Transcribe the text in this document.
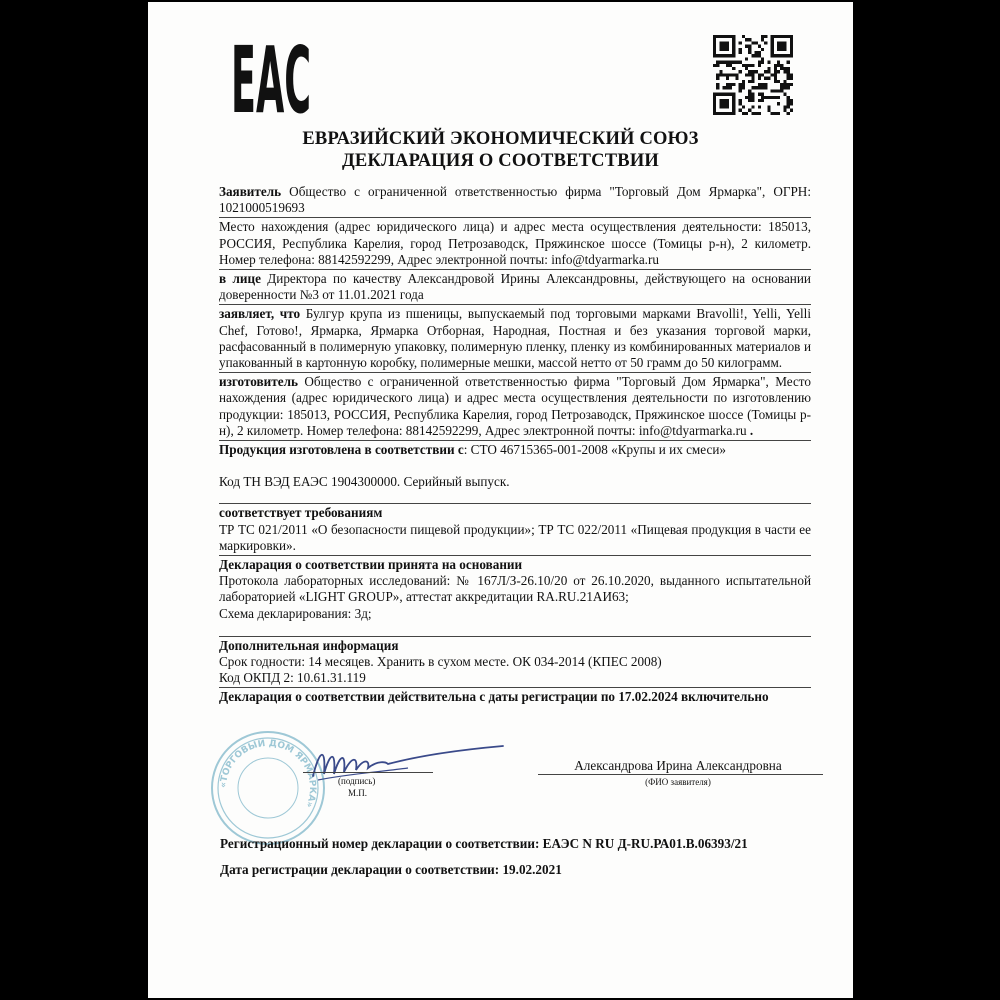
ЕАС
ЕВРАЗИЙСКИЙ ЭКОНОМИЧЕСКИЙ СОЮЗ
ДЕКЛАРАЦИЯ О СООТВЕТСТВИИ
Заявитель Общество с ограниченной ответственностью фирма "Торговый Дом Ярмарка", ОГРН: 1021000519693
Место нахождения (адрес юридического лица) и адрес места осуществления деятельности: 185013, РОССИЯ, Республика Карелия, город Петрозаводск, Пряжинское шоссе (Томицы р-н), 2 километр. Номер телефона: 88142592299, Адрес электронной почты: info@tdyarmarka.ru
в лице Директора по качеству Александровой Ирины Александровны, действующего на основании доверенности №3 от 11.01.2021 года
заявляет, что Булгур крупа из пшеницы, выпускаемый под торговыми марками Bravolli!, Yelli, Yelli Chef, Готово!, Ярмарка, Ярмарка Отборная, Народная, Постная и без указания торговой марки, расфасованный в полимерную упаковку, полимерную пленку, пленку из комбинированных материалов и упакованный в картонную коробку, полимерные мешки, массой нетто от 50 грамм до 50 килограмм.
изготовитель Общество с ограниченной ответственностью фирма "Торговый Дом Ярмарка", Место нахождения (адрес юридического лица) и адрес места осуществления деятельности по изготовлению продукции: 185013, РОССИЯ, Республика Карелия, город Петрозаводск, Пряжинское шоссе (Томицы р-н), 2 километр. Номер телефона: 88142592299, Адрес электронной почты: info@tdyarmarka.ru .
Продукция изготовлена в соответствии с: СТО 46715365-001-2008 «Крупы и их смеси»
Код ТН ВЭД ЕАЭС 1904300000. Серийный выпуск.
соответствует требованиям
ТР ТС 021/2011 «О безопасности пищевой продукции»; ТР ТС 022/2011 «Пищевая продукция в части ее маркировки».
Декларация о соответствии принята на основании
Протокола лабораторных исследований: № 167Л/З-26.10/20 от 26.10.2020, выданного испытательной лабораторией «LIGHT GROUP», аттестат аккредитации RA.RU.21АИ63;
Схема декларирования: 3д;
Дополнительная информация
Срок годности: 14 месяцев. Хранить в сухом месте. ОК 034-2014 (КПЕС 2008)
Код ОКПД 2: 10.61.31.119
Декларация о соответствии действительна с даты регистрации по 17.02.2024 включительно
«ТОРГОВЫЙ ДОМ ЯРМАРКА»
(подпись)
М.П.
Александрова Ирина Александровна
(ФИО заявителя)
Регистрационный номер декларации о соответствии: ЕАЭС N RU Д-RU.РА01.В.06393/21
Дата регистрации декларации о соответствии: 19.02.2021
